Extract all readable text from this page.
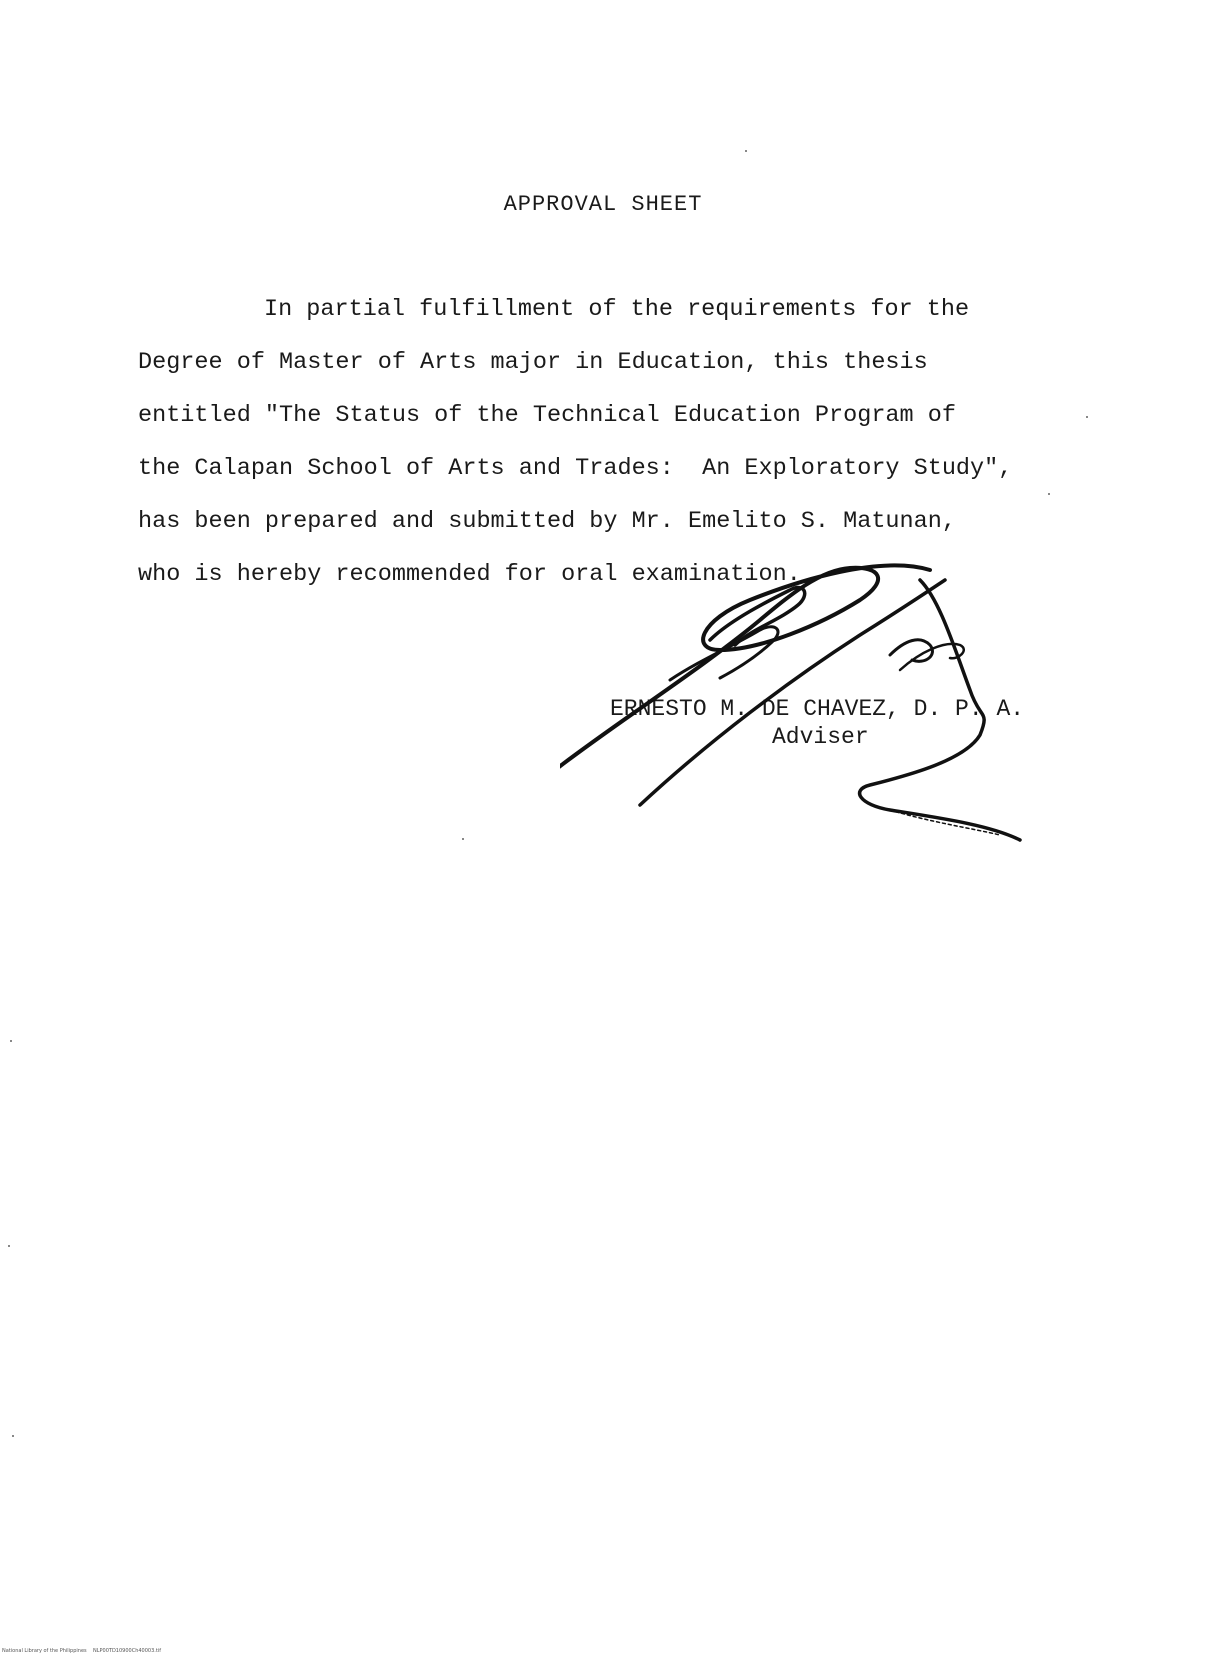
APPROVAL SHEET

In partial fulfillment of the requirements for the

Degree of Master of Arts major in Education, this thesis

entitled "The Status of the Technical Education Program of

the Calapan School of Arts and Trades:  An Exploratory Study",

has been prepared and submitted by Mr. Emelito S. Matunan,

who is hereby recommended for oral examination.

ERNESTO M. DE CHAVEZ, D. P. A.
Adviser
National Library of the Philippines    NLP00TD10900Ch40003.tif
